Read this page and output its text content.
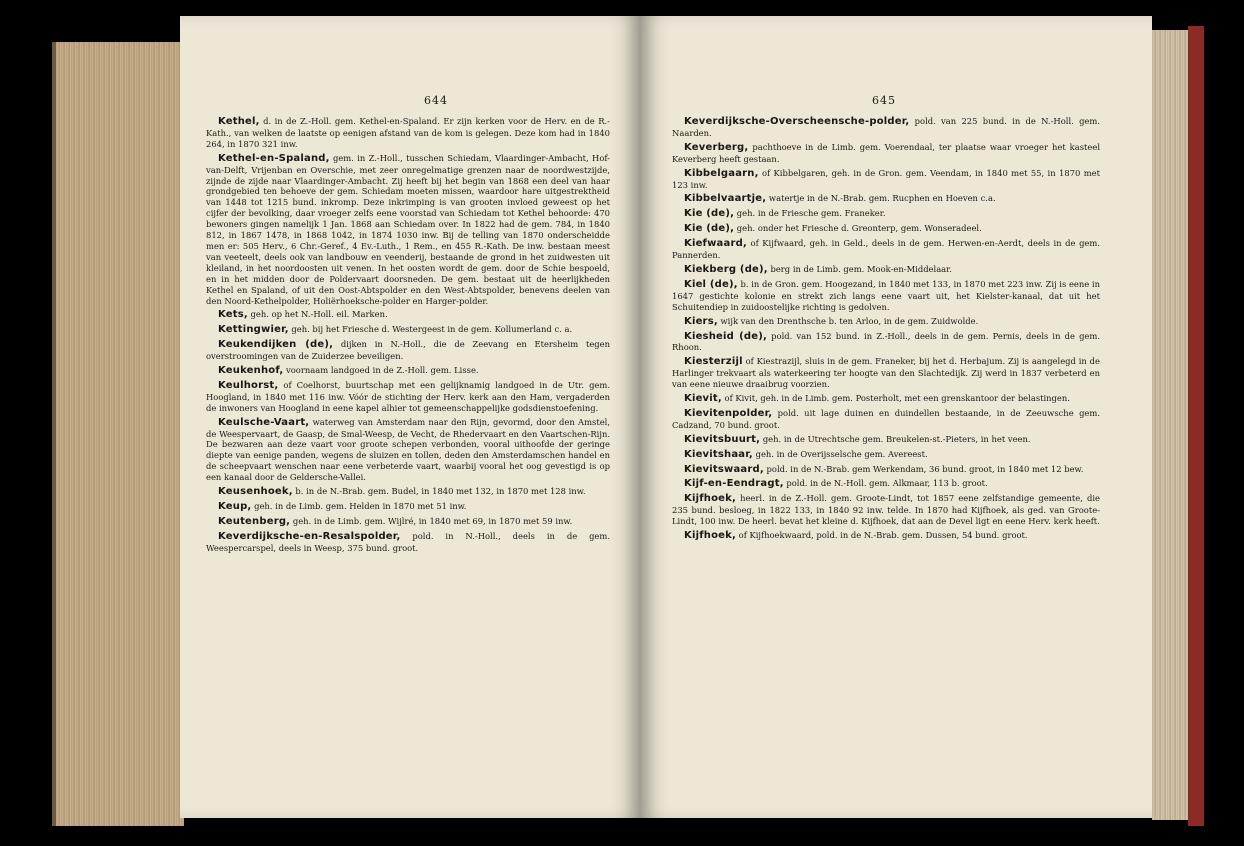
644

Kethel, d. in de Z.-Holl. gem. Kethel-en-Spaland. Er zijn kerken voor de Herv. en de R.-Kath., van welken de laatste op eenigen afstand van de kom is gelegen. Deze kom had in 1840 264, in 1870 321 inw.

Kethel-en-Spaland, gem. in Z.-Holl., tusschen Schiedam, Vlaardinger-Ambacht, Hof-van-Delft, Vrijenban en Overschie, met zeer onregelmatige grenzen naar de noordwestzijde, zijnde de zijde naar Vlaardinger-Ambacht. Zij heeft bij het begin van 1868 een deel van haar grondgebied ten behoeve der gem. Schiedam moeten missen, waardoor hare uitgestrektheid van 1448 tot 1215 bund. inkromp. Deze inkrimping is van grooten invloed geweest op het cijfer der bevolking, daar vroeger zelfs eene voorstad van Schiedam tot Kethel behoorde: 470 bewoners gingen namelijk 1 Jan. 1868 aan Schiedam over. In 1822 had de gem. 784, in 1840 812, in 1867 1478, in 1868 1042, in 1874 1030 inw. Bij de telling van 1870 onderscheidde men er: 505 Herv., 6 Chr.-Geref., 4 Ev.-Luth., 1 Rem., en 455 R.-Kath. De inw. bestaan meest van veeteelt, deels ook van landbouw en veenderij, bestaande de grond in het zuidwesten uit kleiland, in het noordoosten uit venen. In het oosten wordt de gem. door de Schie bespoeld, en in het midden door de Poldervaart doorsneden. De gem. bestaat uit de heerlijkheden Kethel en Spaland, of uit den Oost-Abtspolder en den West-Abtspolder, benevens deelen van den Noord-Kethelpolder, Holiërhoeksche-polder en Harger-polder.

Kets, geh. op het N.-Holl. eil. Marken.

Kettingwier, geh. bij het Friesche d. Westergeest in de gem. Kollumerland c. a.

Keukendijken (de), dijken in N.-Holl., die de Zeevang en Etersheim tegen overstroomingen van de Zuiderzee beveiligen.

Keukenhof, voornaam landgoed in de Z.-Holl. gem. Lisse.

Keulhorst, of Coelhorst, buurtschap met een gelijknamig landgoed in de Utr. gem. Hoogland, in 1840 met 116 inw. Vóór de stichting der Herv. kerk aan den Ham, vergaderden de inwoners van Hoogland in eene kapel alhier tot gemeenschappelijke godsdienstoefening.

Keulsche-Vaart, waterweg van Amsterdam naar den Rijn, gevormd, door den Amstel, de Weespervaart, de Gaasp, de Smal-Weesp, de Vecht, de Rhedervaart en den Vaartschen-Rijn. De bezwaren aan deze vaart voor groote schepen verbonden, vooral uithoofde der geringe diepte van eenige panden, wegens de sluizen en tollen, deden den Amsterdamschen handel en de scheepvaart wenschen naar eene verbeterde vaart, waarbij vooral het oog gevestigd is op een kanaal door de Geldersche-Vallei.

Keusenhoek, b. in de N.-Brab. gem. Budel, in 1840 met 132, in 1870 met 128 inw.

Keup, geh. in de Limb. gem. Helden in 1870 met 51 inw.

Keutenberg, geh. in de Limb. gem. Wijlré, in 1840 met 69, in 1870 met 59 inw.

Keverdijksche-en-Resalspolder, pold. in N.-Holl., deels in de gem. Weespercarspel, deels in Weesp, 375 bund. groot.

645

Keverdijksche-Overscheensche-polder, pold. van 225 bund. in de N.-Holl. gem. Naarden.

Keverberg, pachthoeve in de Limb. gem. Voerendaal, ter plaatse waar vroeger het kasteel Keverberg heeft gestaan.

Kibbelgaarn, of Kibbelgaren, geh. in de Gron. gem. Veendam, in 1840 met 55, in 1870 met 123 inw.

Kibbelvaartje, watertje in de N.-Brab. gem. Rucphen en Hoeven c.a.

Kie (de), geh. in de Friesche gem. Franeker.

Kie (de), geh. onder het Friesche d. Greonterp, gem. Wonseradeel.

Kiefwaard, of Kijfwaard, geh. in Geld., deels in de gem. Herwen-en-Aerdt, deels in de gem. Pannerden.

Kiekberg (de), berg in de Limb. gem. Mook-en-Middelaar.

Kiel (de), b. in de Gron. gem. Hoogezand, in 1840 met 133, in 1870 met 223 inw. Zij is eene in 1647 gestichte kolonie en strekt zich langs eene vaart uit, het Kielster-kanaal, dat uit het Schuitendiep in zuidoostelijke richting is gedolven.

Kiers, wijk van den Drenthsche b. ten Arloo, in de gem. Zuidwolde.

Kiesheid (de), pold. van 152 bund. in Z.-Holl., deels in de gem. Pernis, deels in de gem. Rhoon.

Kiesterzijl of Kiestrazijl, sluis in de gem. Franeker, bij het d. Herbajum. Zij is aangelegd in de Harlinger trekvaart als waterkeering ter hoogte van den Slachtedijk. Zij werd in 1837 verbeterd en van eene nieuwe draaibrug voorzien.

Kievit, of Kivit, geh. in de Limb. gem. Posterholt, met een grenskantoor der belastingen.

Kievitenpolder, pold. uit lage duinen en duindellen bestaande, in de Zeeuwsche gem. Cadzand, 70 bund. groot.

Kievitsbuurt, geh. in de Utrechtsche gem. Breukelen-st.-Pieters, in het veen.

Kievitshaar, geh. in de Overijsselsche gem. Avereest.

Kievitswaard, pold. in de N.-Brab. gem Werkendam, 36 bund. groot, in 1840 met 12 bew.

Kijf-en-Eendragt, pold. in de N.-Holl. gem. Alkmaar, 113 b. groot.

Kijfhoek, heerl. in de Z.-Holl. gem. Groote-Lindt, tot 1857 eene zelfstandige gemeente, die 235 bund. besloeg, in 1822 133, in 1840 92 inw. telde. In 1870 had Kijfhoek, als ged. van Groote-Lindt, 100 inw. De heerl. bevat het kleine d. Kijfhoek, dat aan de Devel ligt en eene Herv. kerk heeft.

Kijfhoek, of Kijfhoekwaard, pold. in de N.-Brab. gem. Dussen, 54 bund. groot.
